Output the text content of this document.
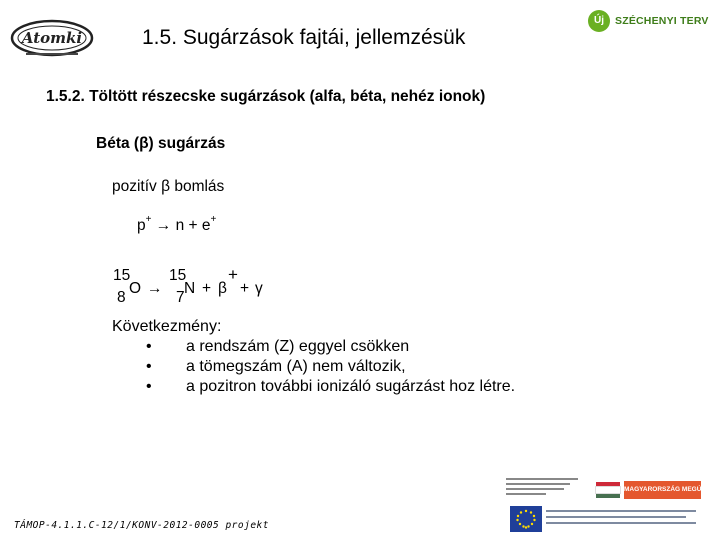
Atomki
Új	SZÉCHENYI TERV
1.5. Sugárzások fajtái, jellemzésük
1.5.2. Töltött részecske sugárzások (alfa, béta, nehéz ionok)
Béta (β) sugárzás
pozitív β bomlás
p+ → n + e+
15
8
O →
15
7
N + β
+
+ γ
Következmény:
• a rendszám (Z) eggyel csökken
• a tömegszám (A) nem változik,
• a pozitron további ionizáló sugárzást hoz létre.
TÁMOP-4.1.1.C-12/1/KONV-2012-0005 projekt
MAGYARORSZÁG MEGÚJUL
